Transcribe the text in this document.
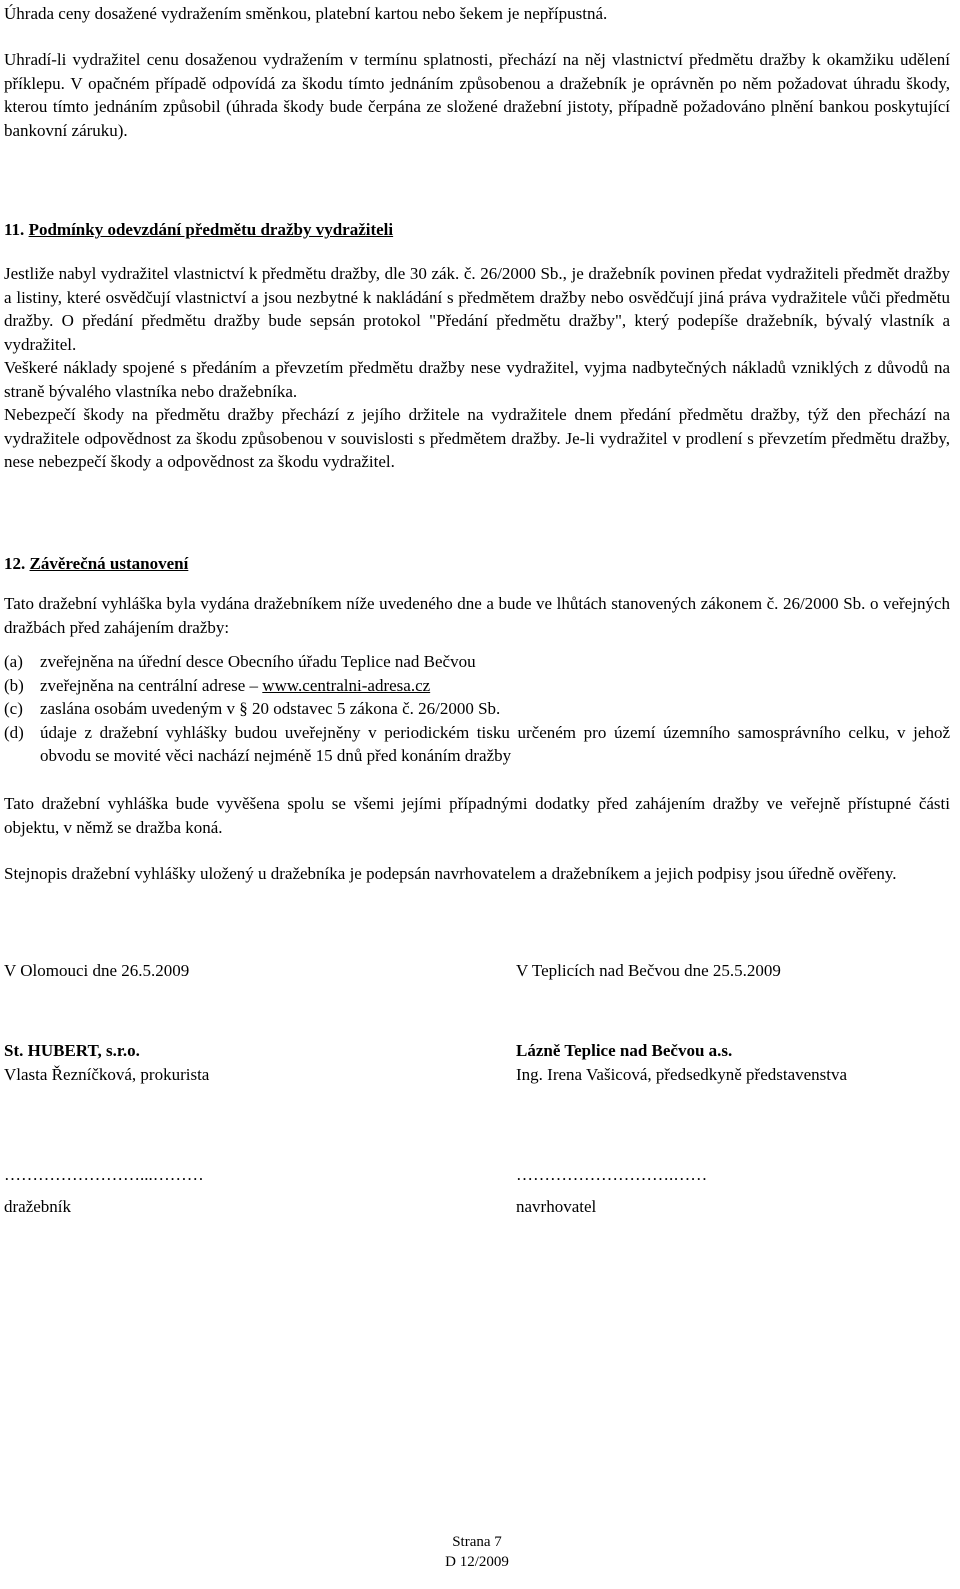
Úhrada ceny dosažené vydražením směnkou, platební kartou nebo šekem je nepřípustná.

Uhradí-li vydražitel cenu dosaženou vydražením v termínu splatnosti, přechází na něj vlastnictví předmětu dražby k okamžiku udělení příklepu. V opačném případě odpovídá za škodu tímto jednáním způsobenou a dražebník je oprávněn po něm požadovat úhradu škody, kterou tímto jednáním způsobil (úhrada škody bude čerpána ze složené dražební jistoty, případně požadováno plnění bankou poskytující bankovní záruku).

11. Podmínky odevzdání předmětu dražby vydražiteli

Jestliže nabyl vydražitel vlastnictví k předmětu dražby, dle 30 zák. č. 26/2000 Sb., je dražebník povinen předat vydražiteli předmět dražby a listiny, které osvědčují vlastnictví a jsou nezbytné k nakládání s předmětem dražby nebo osvědčují jiná práva vydražitele vůči předmětu dražby. O předání předmětu dražby bude sepsán protokol "Předání předmětu dražby", který podepíše dražebník, bývalý vlastník a vydražitel.

Veškeré náklady spojené s předáním a převzetím předmětu dražby nese vydražitel, vyjma nadbytečných nákladů vzniklých z důvodů na straně bývalého vlastníka nebo dražebníka.

Nebezpečí škody na předmětu dražby přechází z jejího držitele na vydražitele dnem předání předmětu dražby, týž den přechází na vydražitele odpovědnost za škodu způsobenou v souvislosti s předmětem dražby. Je-li vydražitel v prodlení s převzetím předmětu dražby, nese nebezpečí škody a odpovědnost za škodu vydražitel.

12. Závěrečná ustanovení

Tato dražební vyhláška byla vydána dražebníkem níže uvedeného dne a bude ve lhůtách stanovených zákonem č. 26/2000 Sb. o veřejných dražbách před zahájením dražby:

(a)	zveřejněna na úřední desce Obecního úřadu Teplice nad Bečvou
(b) zveřejněna na centrální adrese – www.centralni-adresa.cz
(c)	zaslána osobám uvedeným v § 20 odstavec 5 zákona č. 26/2000 Sb.
(d) údaje z dražební vyhlášky budou uveřejněny v periodickém tisku určeném pro území územního samosprávního celku, v jehož obvodu se movité věci nachází nejméně 15 dnů před konáním dražby

Tato dražební vyhláška bude vyvěšena spolu se všemi jejími případnými dodatky před zahájením dražby ve veřejně přístupné části objektu, v němž se dražba koná.

Stejnopis dražební vyhlášky uložený u dražebníka je podepsán navrhovatelem a dražebníkem a jejich podpisy jsou úředně ověřeny.

V Olomouci dne 26.5.2009	V Teplicích nad Bečvou dne 25.5.2009

St. HUBERT, s.r.o.	Lázně Teplice nad Bečvou a.s.

Vlasta Řezníčková, prokurista	Ing. Irena Vašicová, předsedkyně představenstva

……………………...………	……………………….……

dražebník	navrhovatel

Strana 7
D 12/2009
